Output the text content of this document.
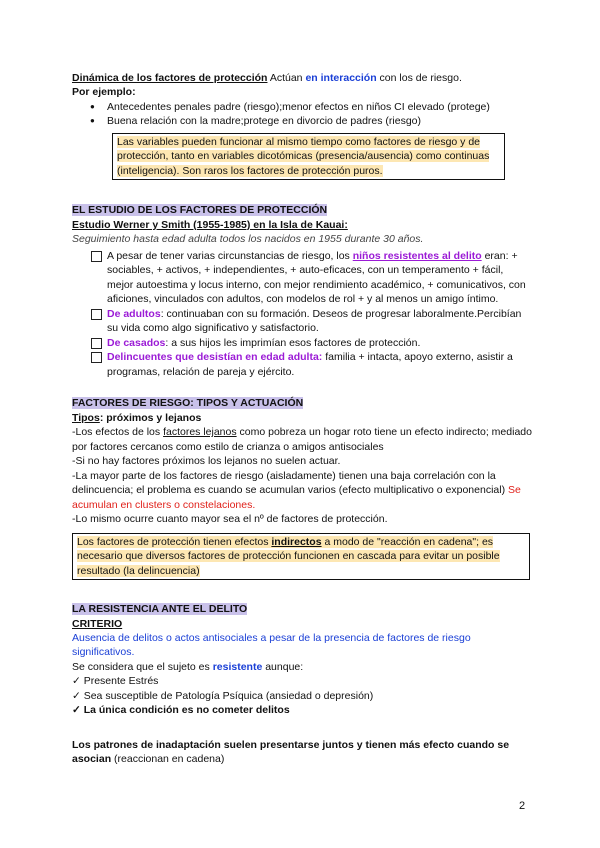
Dinámica de los factores de protección Actúan en interacción con los de riesgo.

Por ejemplo:

● Antecedentes penales padre (riesgo);menor efectos en niños CI elevado (protege)
● Buena relación con la madre;protege en divorcio de padres (riesgo)
Las variables pueden funcionar al mismo tiempo como factores de riesgo y de protección, tanto en variables dicotómicas (presencia/ausencia) como continuas (inteligencia). Son raros los factores de protección puros.

EL ESTUDIO DE LOS FACTORES DE PROTECCIÓN

Estudio Werner y Smith (1955-1985) en la Isla de Kauai:

Seguimiento hasta edad adulta todos los nacidos en 1955 durante 30 años.

A pesar de tener varias circunstancias de riesgo, los niños resistentes al delito eran: + sociables, + activos, + independientes, + auto-eficaces, con un temperamento + fácil, mejor autoestima y locus interno, con mejor rendimiento académico, + comunicativos, con aficiones, vinculados con adultos, con modelos de rol + y al menos un amigo íntimo.
De adultos: continuaban con su formación. Deseos de progresar laboralmente.Percibían su vida como algo significativo y satisfactorio.
De casados: a sus hijos les imprimían esos factores de protección.
Delincuentes que desistían en edad adulta: familia + intacta, apoyo externo, asistir a programas, relación de pareja y ejército.

FACTORES DE RIESGO: TIPOS Y ACTUACIÓN

Tipos: próximos y lejanos

-Los efectos de los factores lejanos como pobreza un hogar roto tiene un efecto indirecto; mediado por factores cercanos como estilo de crianza o amigos antisociales

-Si no hay factores próximos los lejanos no suelen actuar.

-La mayor parte de los factores de riesgo (aisladamente) tienen una baja correlación con la delincuencia; el problema es cuando se acumulan varios (efecto multiplicativo o exponencial) Se acumulan en clusters o constelaciones.

-Lo mismo ocurre cuanto mayor sea el nº de factores de protección.

Los factores de protección tienen efectos indirectos a modo de "reacción en cadena"; es necesario que diversos factores de protección funcionen en cascada para evitar un posible resultado (la delincuencia)

LA RESISTENCIA ANTE EL DELITO

CRITERIO

Ausencia de delitos o actos antisociales a pesar de la presencia de factores de riesgo significativos.

Se considera que el sujeto es resistente aunque:

✓ Presente Estrés

✓ Sea susceptible de Patología Psíquica (ansiedad o depresión)

✓ La única condición es no cometer delitos

Los patrones de inadaptación suelen presentarse juntos y tienen más efecto cuando se asocian (reaccionan en cadena)

2
